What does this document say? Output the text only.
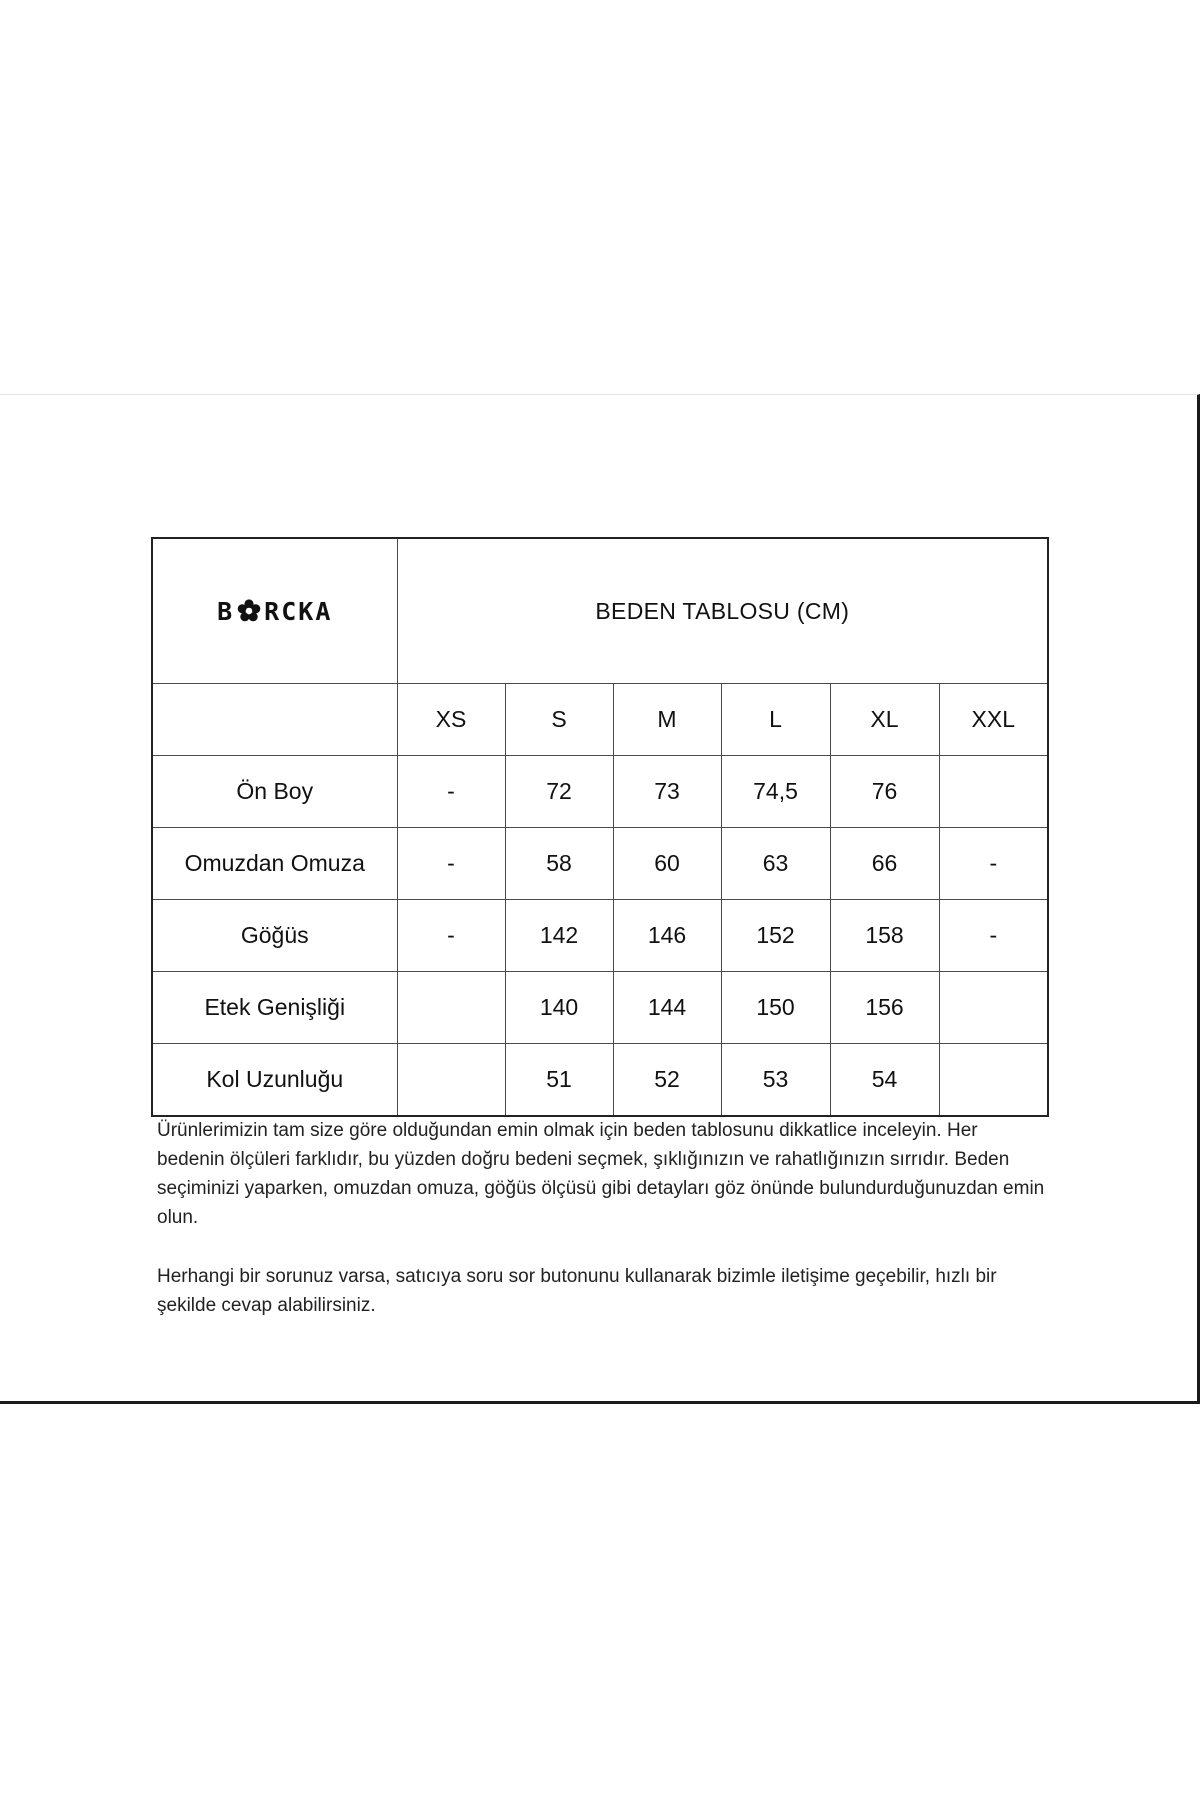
B RCKA	BEDEN TABLOSU (CM)					
	XS	S	M	L	XL	XXL
Ön Boy	-	72	73	74,5	76	
Omuzdan Omuza	-	58	60	63	66	-
Göğüs	-	142	146	152	158	-
Etek Genişliği		140	144	150	156	
Kol Uzunluğu		51	52	53	54	

Ürünlerimizin tam size göre olduğundan emin olmak için beden tablosunu dikkatlice inceleyin. Her bedenin ölçüleri farklıdır, bu yüzden doğru bedeni seçmek, şıklığınızın ve rahatlığınızın sırrıdır. Beden seçiminizi yaparken, omuzdan omuza, göğüs ölçüsü gibi detayları göz önünde bulundurduğunuzdan emin olun.

Herhangi bir sorunuz varsa, satıcıya soru sor butonunu kullanarak bizimle iletişime geçebilir, hızlı bir şekilde cevap alabilirsiniz.
